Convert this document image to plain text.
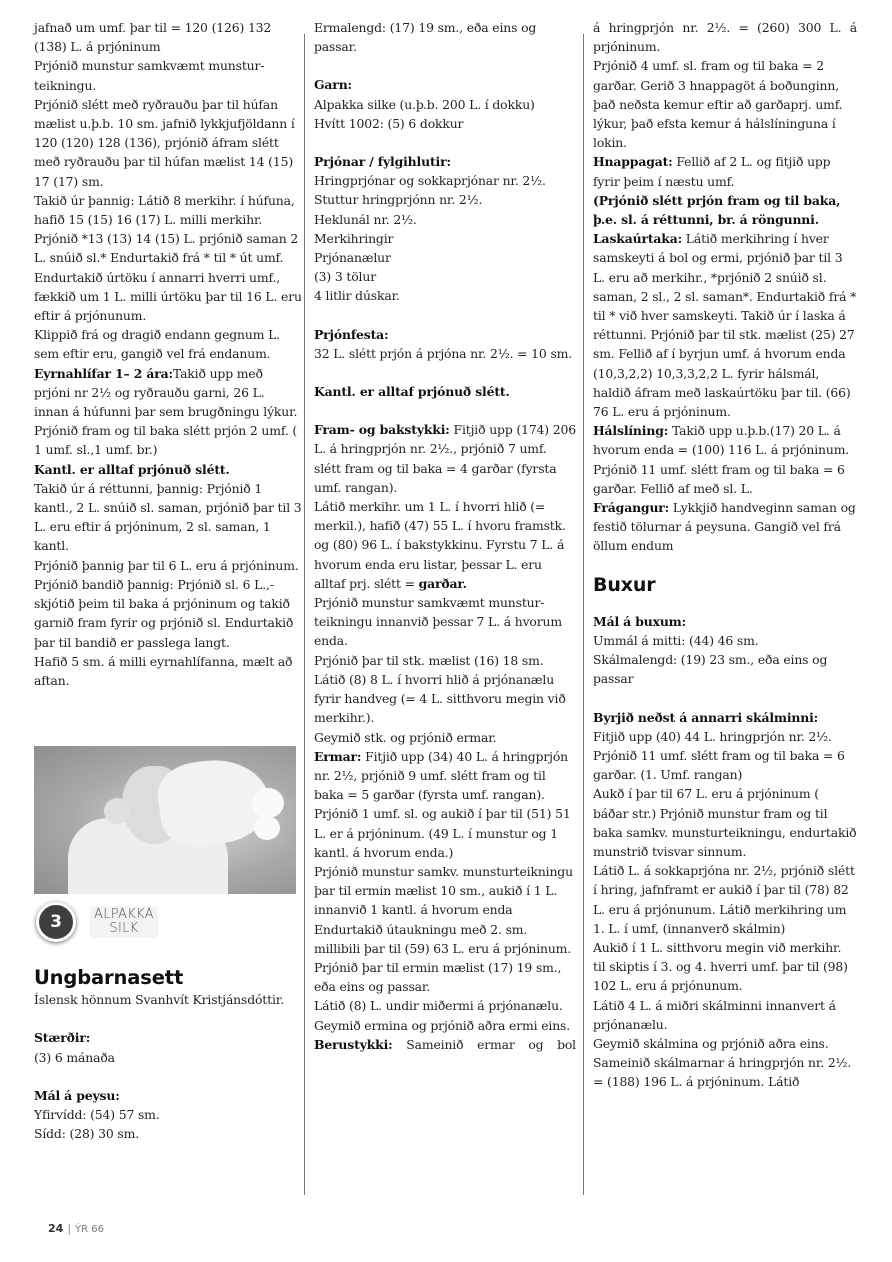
jafnað um umf. þar til = 120 (126) 132 (138) L. á prjóninum

Prjónið munstur samkvæmt munsturteikningu.

Prjónið slétt með ryðrauðu þar til húfan mælist u.þ.b. 10 sm. jafnið lykkjufjöldann í 120 (120) 128 (136), prjónið áfram slétt með ryðrauðu þar til húfan mælist 14 (15) 17 (17) sm.

Takið úr þannig: Látið 8 merkihr. í húfuna, hafið 15 (15) 16 (17) L. milli merkihr.

Prjónið *13 (13) 14 (15) L. prjónið saman 2 L. snúið sl.* Endurtakið frá * til * út umf.

Endurtakið úrtöku í annarri hverri umf., fækkið um 1 L. milli úrtöku þar til 16 L. eru eftir á prjónunum.

Klippið frá og dragið endann gegnum L. sem eftir eru, gangið vel frá endanum.

Eyrnahlífar 1– 2 ára:Takið upp með prjóni nr 2½ og ryðrauðu garni, 26 L. innan á húfunni þar sem brugðningu lýkur.

Prjónið fram og til baka slétt prjón 2 umf. ( 1 umf. sl.,1 umf. br.)

Kantl. er alltaf prjónuð slétt.

Takið úr á réttunni, þannig: Prjónið 1 kantl., 2 L. snúið sl. saman, prjónið þar til 3 L. eru eftir á prjóninum, 2 sl. saman, 1 kantl.

Prjónið þannig þar til 6 L. eru á prjóninum.

Prjónið bandið þannig: Prjónið sl. 6 L.,skjótið þeim til baka á prjóninum og takið garnið fram fyrir og prjónið sl. Endurtakið þar til bandið er passlega langt.

Hafið 5 sm. á milli eyrnahlífanna, mælt að aftan.

3	ALPAKKA
SILK
Ungbarnasett

Íslensk hönnum Svanhvít Kristjánsdóttir.

Stærðir:

(3) 6 mánaða

Mál á peysu:

Yfirvídd: (54) 57 sm.

Sídd: (28) 30 sm.

Ermalengd: (17) 19 sm., eða eins og passar.

Garn:

Alpakka silke (u.þ.b. 200 L. í dokku)

Hvítt 1002: (5) 6 dokkur

Prjónar / fylgihlutir:

Hringprjónar og sokkaprjónar nr. 2½.

Stuttur hringprjónn nr. 2½.

Heklunál nr. 2½.

Merkihringir

Prjónanælur

(3) 3 tölur

4 litlir dúskar.

Prjónfesta:

32 L. slétt prjón á prjóna nr. 2½. = 10 sm.

Kantl. er alltaf prjónuð slétt.

Fram- og bakstykki: Fitjið upp (174) 206 L. á hringprjón nr. 2½., prjónið 7 umf. slétt fram og til baka = 4 garðar (fyrsta umf. rangan).

Látið merkihr. um 1 L. í hvorri hlið (= merkil.), hafið (47) 55 L. í hvoru framstk. og (80) 96 L. í bakstykkinu. Fyrstu 7 L. á hvorum enda eru listar, þessar L. eru alltaf prj. slétt = garðar.

Prjónið munstur samkvæmt munsturteikningu innanvið þessar 7 L. á hvorum enda.

Prjónið þar til stk. mælist (16) 18 sm.

Látið (8) 8 L. í hvorri hlið á prjónanælu fyrir handveg (= 4 L. sitthvoru megin við merkihr.).

Geymið stk. og prjónið ermar.

Ermar: Fitjið upp (34) 40 L. á hringprjón nr. 2½, prjónið 9 umf. slétt fram og til baka = 5 garðar (fyrsta umf. rangan). Prjónið 1 umf. sl. og aukið í þar til (51) 51 L. er á prjóninum. (49 L. í munstur og 1 kantl. á hvorum enda.)

Prjónið munstur samkv. munsturteikningu þar til ermin mælist 10 sm., aukið í 1 L. innanvið 1 kantl. á hvorum enda Endurtakið útaukningu með 2. sm. millibili þar til (59) 63 L. eru á prjóninum.

Prjónið þar til ermin mælist (17) 19 sm., eða eins og passar.

Látið (8) L. undir miðermi á prjónanælu.

Geymið ermina og prjónið aðra ermi eins.

Berustykki: Sameinið ermar og bol

á hringprjón nr. 2½. = (260) 300 L. á prjóninum.

Prjónið 4 umf. sl. fram og til baka = 2 garðar. Gerið 3 hnappagöt á boðunginn, það neðsta kemur eftir að garðaprj. umf. lýkur, það efsta kemur á hálslíninguna í lokin.

Hnappagat: Fellið af 2 L. og fitjið upp fyrir þeim í næstu umf.

(Prjónið slétt prjón fram og til baka, þ.e. sl. á réttunni, br. á röngunni.

Laskaúrtaka: Látið merkihring í hver samskeyti á bol og ermi, prjónið þar til 3 L. eru að merkihr., *prjónið 2 snúið sl. saman, 2 sl., 2 sl. saman*. Endurtakið frá * til * við hver samskeyti. Takið úr í laska á réttunni. Prjónið þar til stk. mælist (25) 27 sm. Fellið af í byrjun umf. á hvorum enda (10,3,2,2) 10,3,3,2,2 L. fyrir hálsmál, haldið áfram með laskaúrtöku þar til. (66) 76 L. eru á prjóninum.

Hálslíning: Takið upp u.þ.b.(17) 20 L. á hvorum enda = (100) 116 L. á prjóninum. Prjónið 11 umf. slétt fram og til baka = 6 garðar. Fellið af með sl. L.

Frágangur: Lykkjið handveginn saman og festið tölurnar á peysuna. Gangið vel frá öllum endum

Buxur

Mál á buxum:

Ummál á mitti: (44) 46 sm.

Skálmalengd: (19) 23 sm., eða eins og passar

Byrjið neðst á annarri skálminni:

Fitjið upp (40) 44 L. hringprjón nr. 2½.

Prjónið 11 umf. slétt fram og til baka = 6 garðar. (1. Umf. rangan)

Aukð í þar til 67 L. eru á prjóninum ( báðar str.) Prjónið munstur fram og til baka samkv. munsturteikningu, endurtakið munstrið tvisvar sinnum.

Látið L. á sokkaprjóna nr. 2½, prjónið slétt í hring, jafnframt er aukið í þar til (78) 82 L. eru á prjónunum. Látið merkihring um 1. L. í umf, (innanverð skálmin)

Aukið í 1 L. sitthvoru megin við merkihr. til skiptis í 3. og 4. hverri umf. þar til (98) 102 L. eru á prjónunum.

Látið 4 L. á miðri skálminni innanvert á prjónanælu.

Geymið skálmina og prjónið aðra eins.

Sameinið skálmarnar á hringprjón nr. 2½. = (188) 196 L. á prjóninum. Látið

24 | ÝR 66
